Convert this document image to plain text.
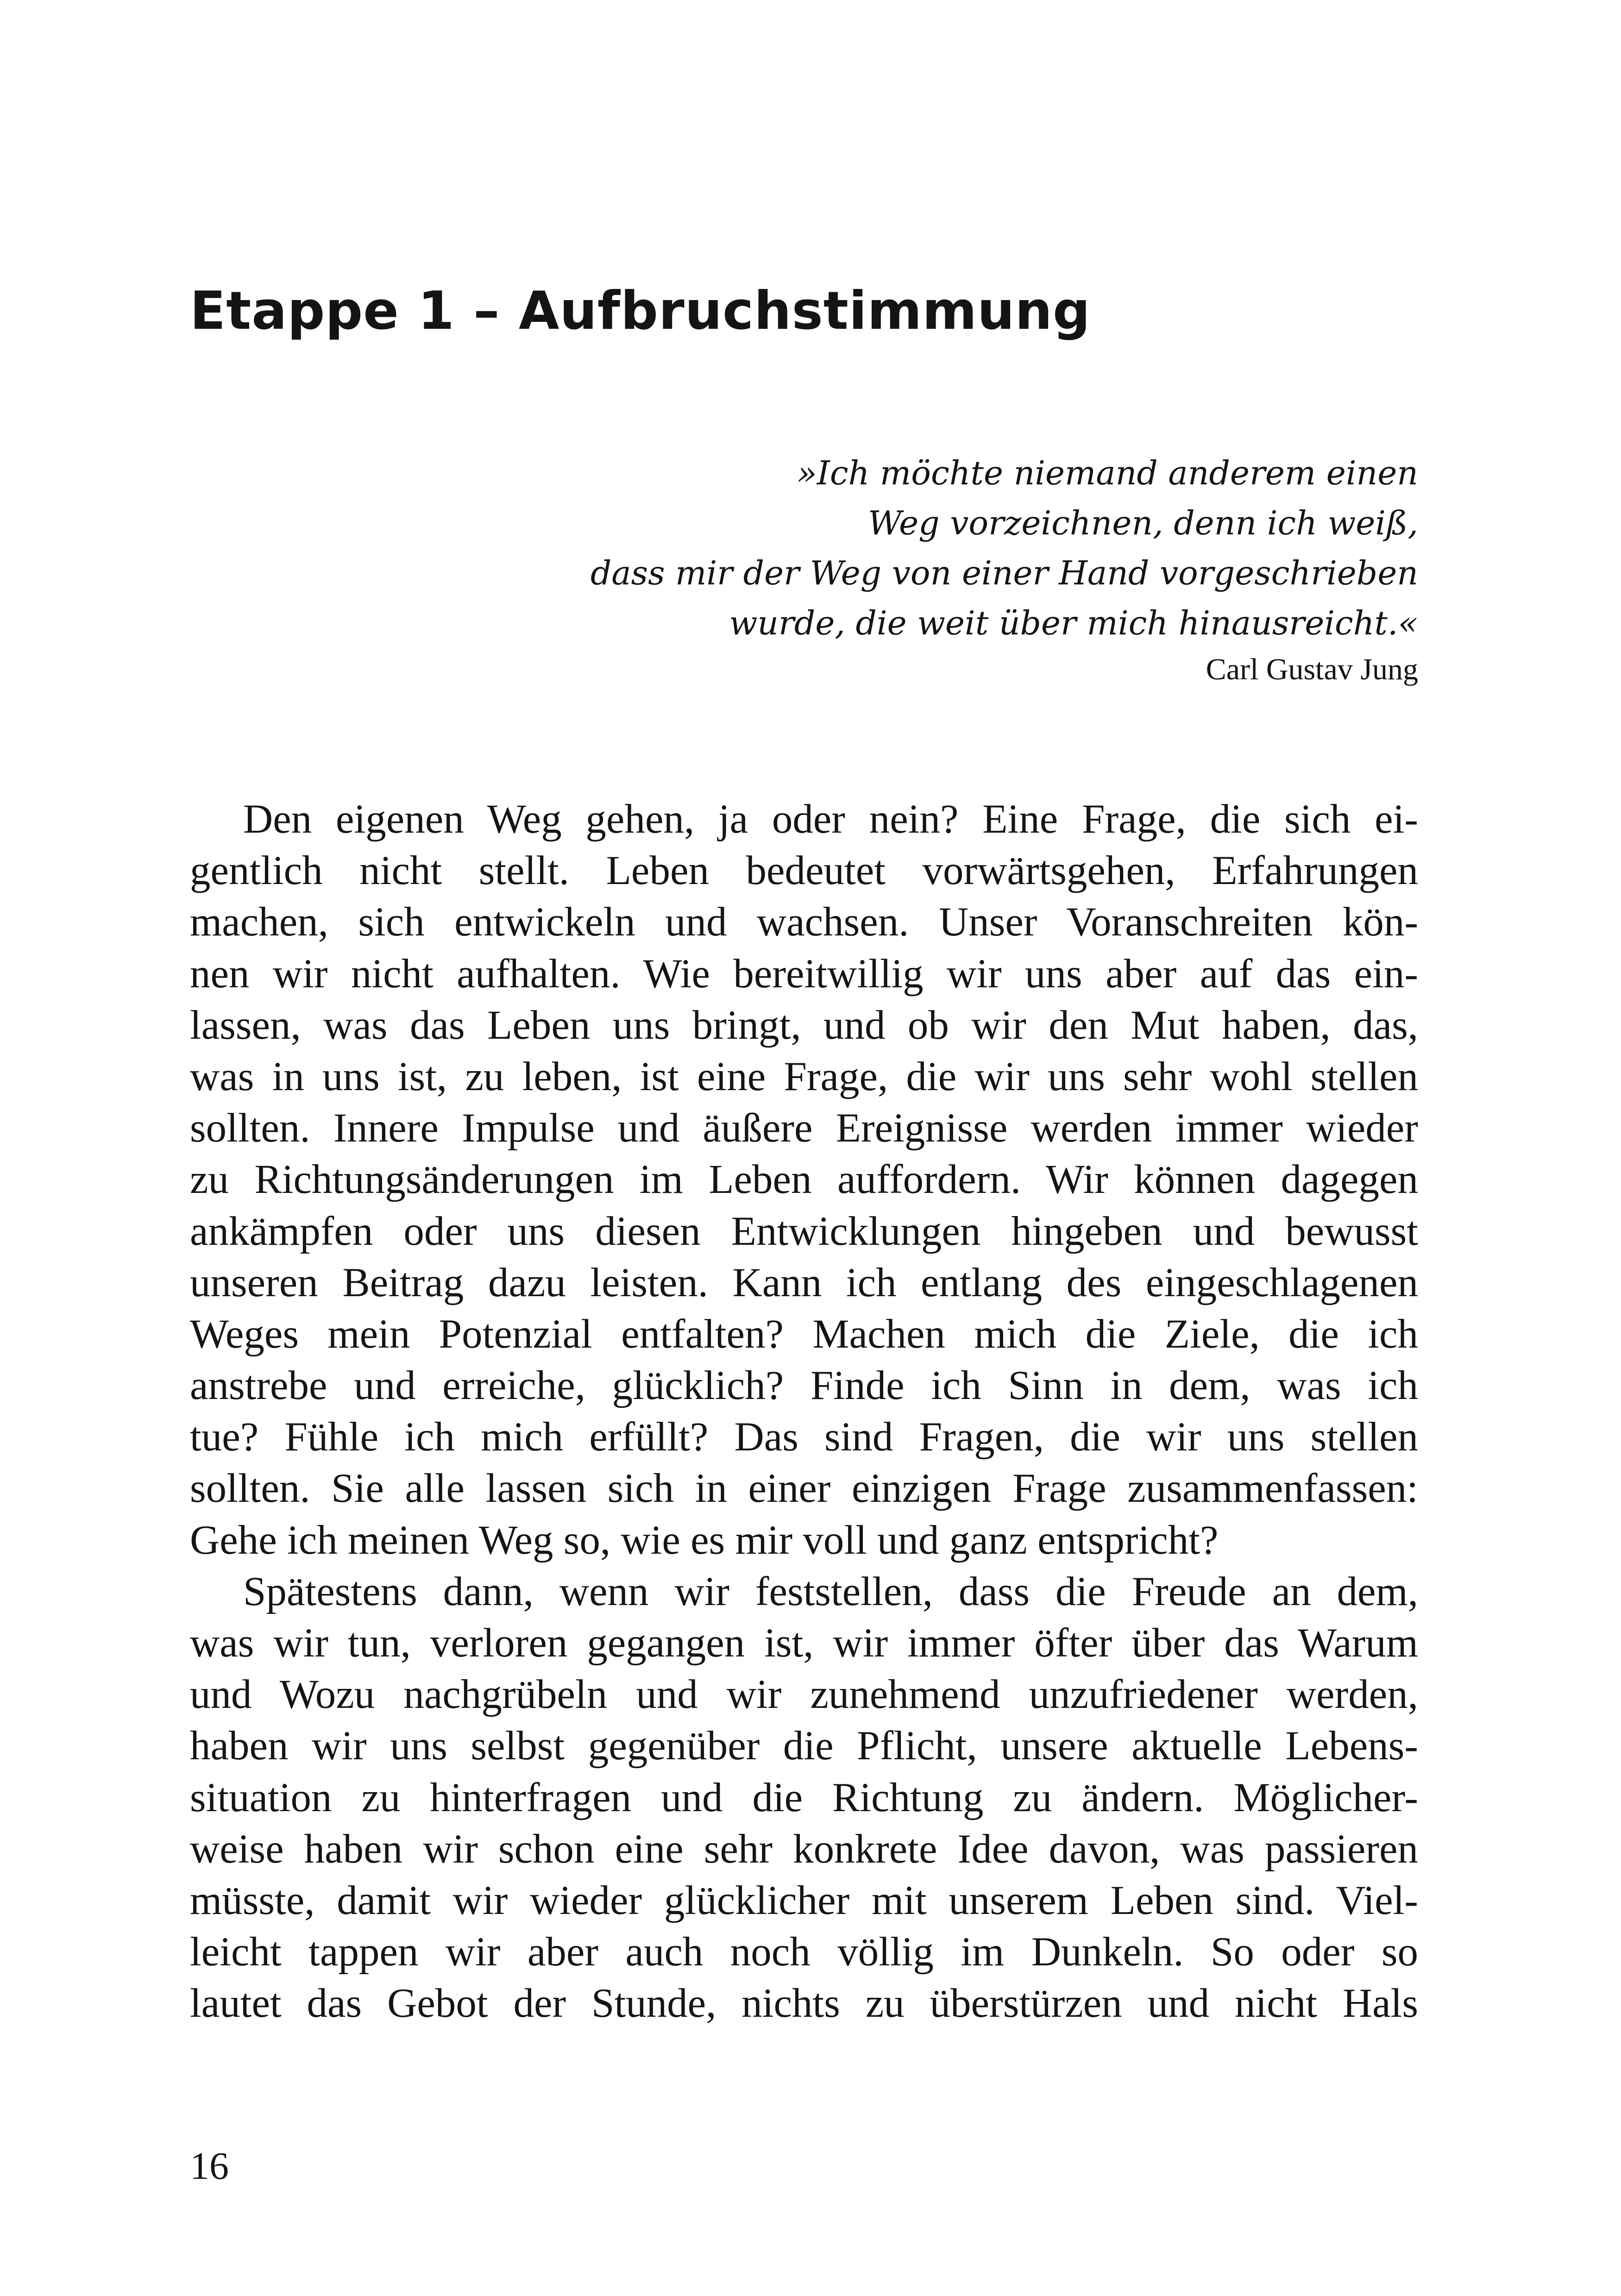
Etappe 1 – Aufbruchstimmung
»Ich möchte niemand anderem einen
Weg vorzeichnen, denn ich weiß,
dass mir der Weg von einer Hand vorgeschrieben
wurde, die weit über mich hinausreicht.«
Carl Gustav Jung
Den eigenen Weg gehen, ja oder nein? Eine Frage, die sich ei-
gentlich nicht stellt. Leben bedeutet vorwärtsgehen, Erfahrungen
machen, sich entwickeln und wachsen. Unser Voranschreiten kön-
nen wir nicht aufhalten. Wie bereitwillig wir uns aber auf das ein-
lassen, was das Leben uns bringt, und ob wir den Mut haben, das,
was in uns ist, zu leben, ist eine Frage, die wir uns sehr wohl stellen
sollten. Innere Impulse und äußere Ereignisse werden immer wieder
zu Richtungsänderungen im Leben auffordern. Wir können dagegen
ankämpfen oder uns diesen Entwicklungen hingeben und bewusst
unseren Beitrag dazu leisten. Kann ich entlang des eingeschlagenen
Weges mein Potenzial entfalten? Machen mich die Ziele, die ich
anstrebe und erreiche, glücklich? Finde ich Sinn in dem, was ich
tue? Fühle ich mich erfüllt? Das sind Fragen, die wir uns stellen
sollten. Sie alle lassen sich in einer einzigen Frage zusammenfassen:
Gehe ich meinen Weg so, wie es mir voll und ganz entspricht?
Spätestens dann, wenn wir feststellen, dass die Freude an dem,
was wir tun, verloren gegangen ist, wir immer öfter über das Warum
und Wozu nachgrübeln und wir zunehmend unzufriedener werden,
haben wir uns selbst gegenüber die Pflicht, unsere aktuelle Lebens-
situation zu hinterfragen und die Richtung zu ändern. Möglicher-
weise haben wir schon eine sehr konkrete Idee davon, was passieren
müsste, damit wir wieder glücklicher mit unserem Leben sind. Viel-
leicht tappen wir aber auch noch völlig im Dunkeln. So oder so
lautet das Gebot der Stunde, nichts zu überstürzen und nicht Hals
16
